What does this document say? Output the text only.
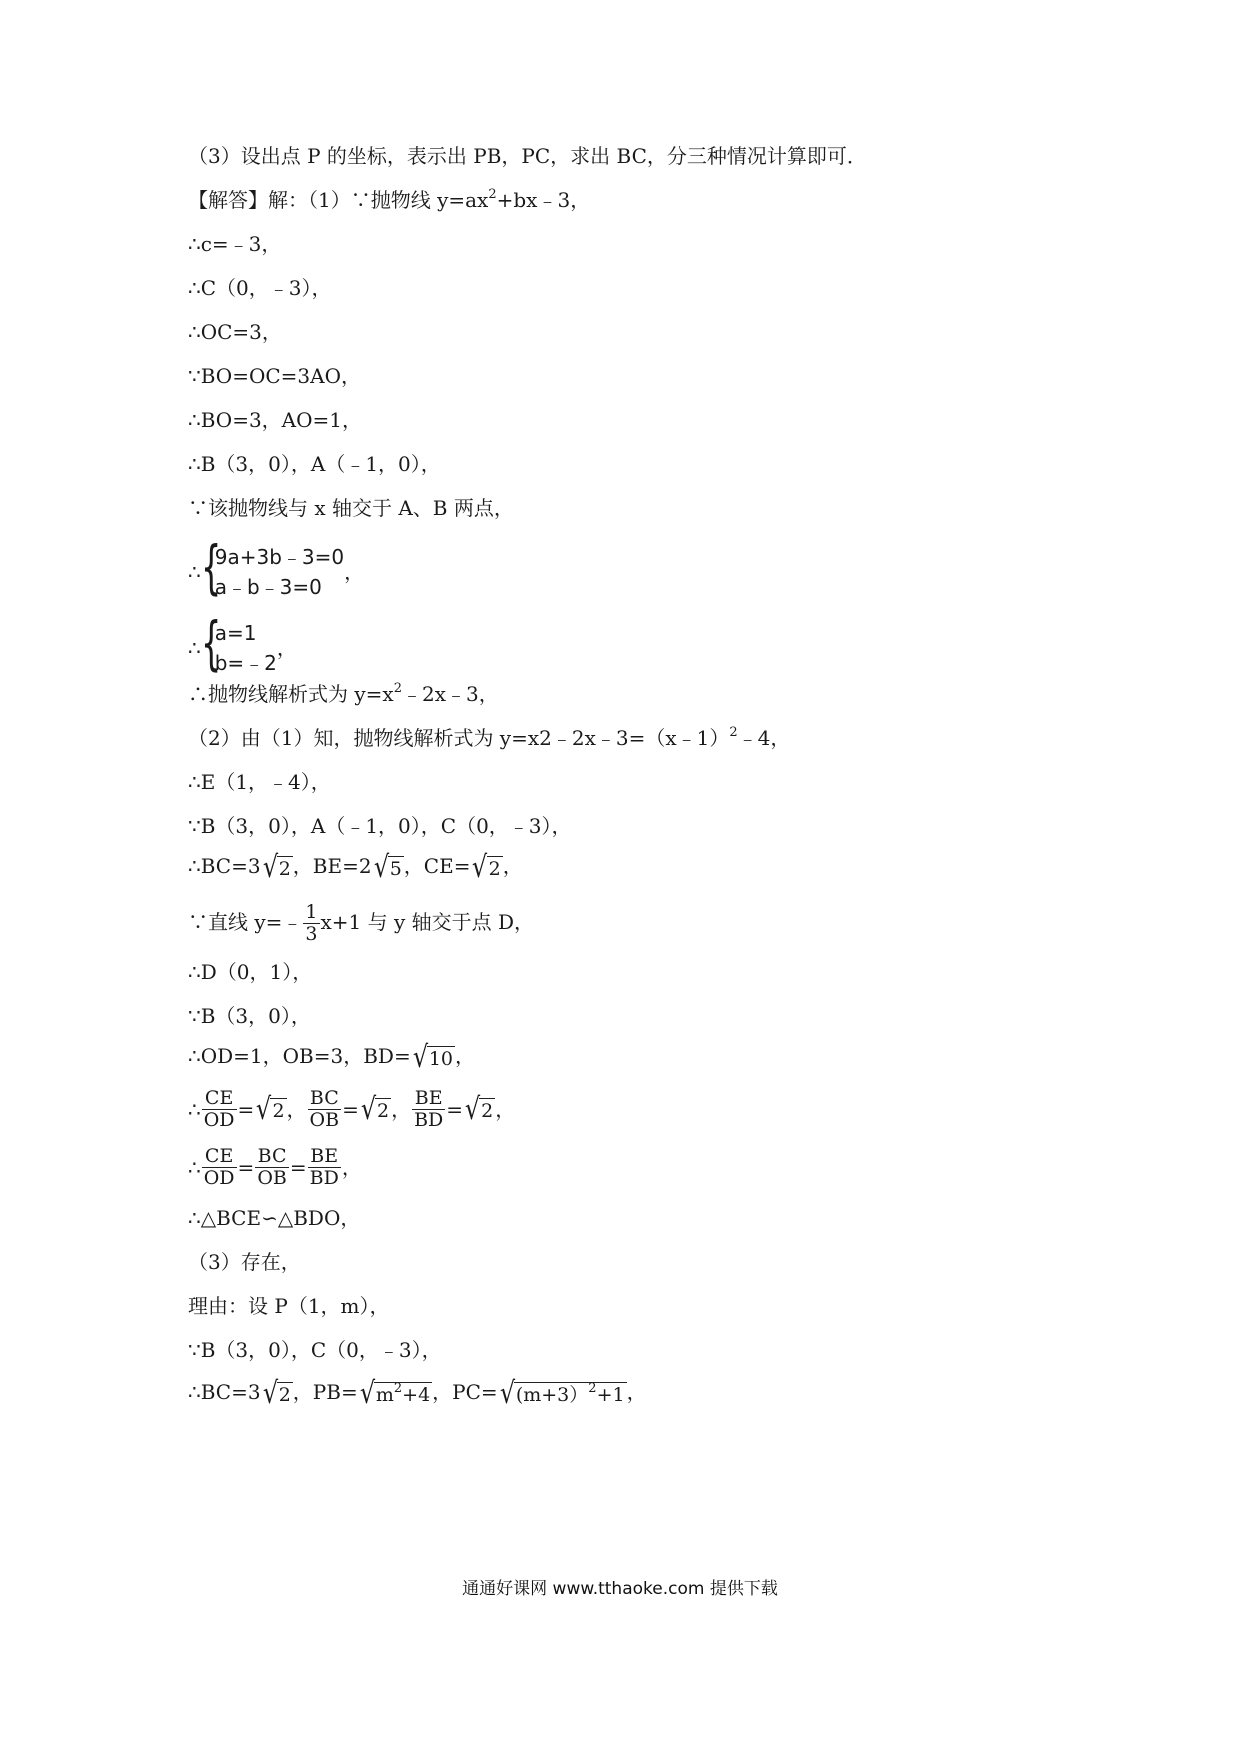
（3）设出点 P 的坐标，表示出 PB，PC，求出 BC，分三种情况计算即可．
【解答】解：（1）∵抛物线 $y=ax^2+bx﹣3$，
∴c=﹣3，
∴C（0，﹣3），
∴OC=3，
∵BO=OC=3AO，
∴BO=3，AO=1，
∴B（3，0），A（﹣1，0），
∵该抛物线与 x 轴交于 A、B 两点，
∴ {
9a+3b﹣3=0
a﹣b﹣3=0
，
∴ {
a=1
b=﹣2
，
∴抛物线解析式为 $y=x^2﹣2x﹣3$，
（2）由（1）知，抛物线解析式为 y=x2﹣2x﹣3=（x﹣1）$^2$﹣4，
∴E（1，﹣4），
∵B（3，0），A（﹣1，0），C（0，﹣3），
∴BC=3√2 ，BE=2√5 ，CE=√2 ，
∵直线 y=﹣ $\frac{1}{3} x+1$ 与 y 轴交于点 D，
∴D（0，1），
∵B（3，0），
∴OD=1，OB=3，BD=√10 ，
∴ $\frac{CE}{OD} =√2$ ， $\frac{BC}{OB} =√2$ ， $\frac{BE}{BD} =√2$ ，
∴ $\frac{CE}{OD} = \frac{BC}{OB} = \frac{BE}{BD}$ ，
∴△BCE∽△BDO，
（3）存在，
理由：设 P（1，m），
∵B（3，0），C（0，﹣3），
∴BC=3√2 ，$PB=√m^2+4$ ，PC=√(m+3）$^2$+1 ，
通通好课网 www.tthaoke.com 提供下载
